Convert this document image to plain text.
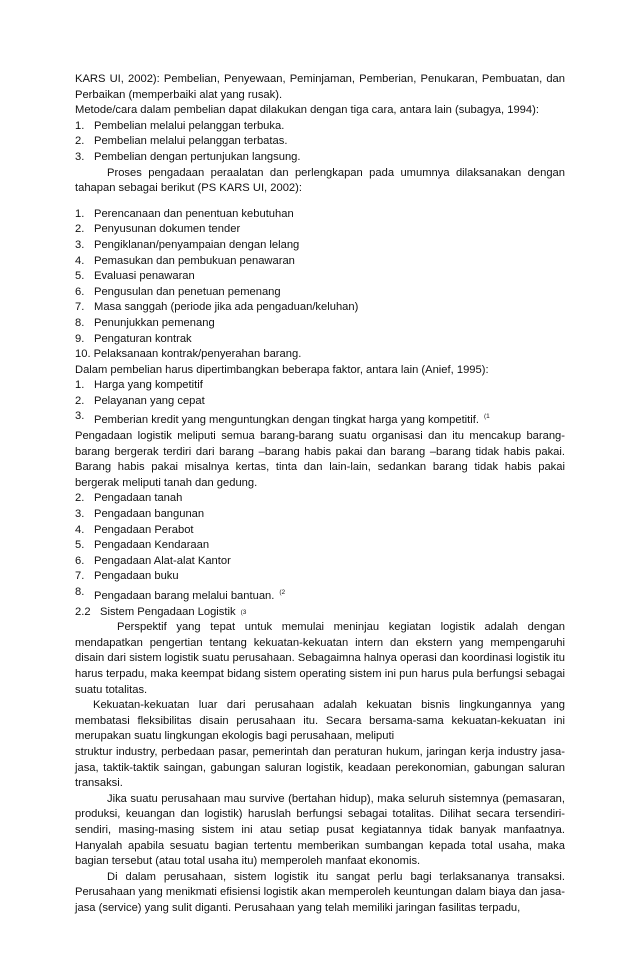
KARS UI, 2002): Pembelian, Penyewaan, Peminjaman, Pemberian, Penukaran, Pembuatan, dan Perbaikan (memperbaiki alat yang rusak).

Metode/cara dalam pembelian dapat dilakukan dengan tiga cara, antara lain (subagya, 1994):

1. Pembelian melalui pelanggan terbuka.
2. Pembelian melalui pelanggan terbatas.
3. Pembelian dengan pertunjukan langsung.

Proses pengadaan peraalatan dan perlengkapan pada umumnya dilaksanakan dengan tahapan sebagai berikut (PS KARS UI, 2002):

1. Perencanaan dan penentuan kebutuhan
2. Penyusunan dokumen tender
3. Pengiklanan/penyampaian dengan lelang
4. Pemasukan dan pembukuan penawaran
5. Evaluasi penawaran
6. Pengusulan dan penetuan pemenang
7. Masa sanggah (periode jika ada pengaduan/keluhan)
8. Penunjukkan pemenang
9. Pengaturan kontrak
10. Pelaksanaan kontrak/penyerahan barang.

Dalam pembelian harus dipertimbangkan beberapa faktor, antara lain (Anief, 1995):

1. Harga yang kompetitif
2. Pelayanan yang cepat
3. Pemberian kredit yang menguntungkan dengan tingkat harga yang kompetitif. $^{(1}$

Pengadaan logistik meliputi semua barang-barang suatu organisasi dan itu mencakup barang-barang bergerak terdiri dari barang –barang habis pakai dan barang –barang tidak habis pakai. Barang habis pakai misalnya kertas, tinta dan lain-lain, sedankan barang tidak habis pakai bergerak meliputi tanah dan gedung.

2. Pengadaan tanah
3. Pengadaan bangunan
4. Pengadaan Perabot
5. Pengadaan Kendaraan
6. Pengadaan Alat-alat Kantor
7. Pengadaan buku
8. Pengadaan barang melalui bantuan. $^{(2}$
2.2 Sistem Pengadaan Logistik (3

Perspektif yang tepat untuk memulai meninjau kegiatan logistik adalah dengan mendapatkan pengertian tentang kekuatan-kekuatan intern dan ekstern yang mempengaruhi disain dari sistem logistik suatu perusahaan. Sebagaimna halnya operasi dan koordinasi logistik itu harus terpadu, maka keempat bidang sistem operating sistem ini pun harus pula berfungsi sebagai suatu totalitas.

Kekuatan-kekuatan luar dari perusahaan adalah kekuatan bisnis lingkungannya yang membatasi fleksibilitas disain perusahaan itu. Secara bersama-sama kekuatan-kekuatan ini merupakan suatu lingkungan ekologis bagi perusahaan, meliputi

struktur industry, perbedaan pasar, pemerintah dan peraturan hukum, jaringan kerja industry jasa-jasa, taktik-taktik saingan, gabungan saluran logistik, keadaan perekonomian, gabungan saluran transaksi.

Jika suatu perusahaan mau survive (bertahan hidup), maka seluruh sistemnya (pemasaran, produksi, keuangan dan logistik) haruslah berfungsi sebagai totalitas. Dilihat secara tersendiri-sendiri, masing-masing sistem ini atau setiap pusat kegiatannya tidak banyak manfaatnya. Hanyalah apabila sesuatu bagian tertentu memberikan sumbangan kepada total usaha, maka bagian tersebut (atau total usaha itu) memperoleh manfaat ekonomis.

Di dalam perusahaan, sistem logistik itu sangat perlu bagi terlaksananya transaksi. Perusahaan yang menikmati efisiensi logistik akan memperoleh keuntungan dalam biaya dan jasa-jasa (service) yang sulit diganti. Perusahaan yang telah memiliki jaringan fasilitas terpadu,
